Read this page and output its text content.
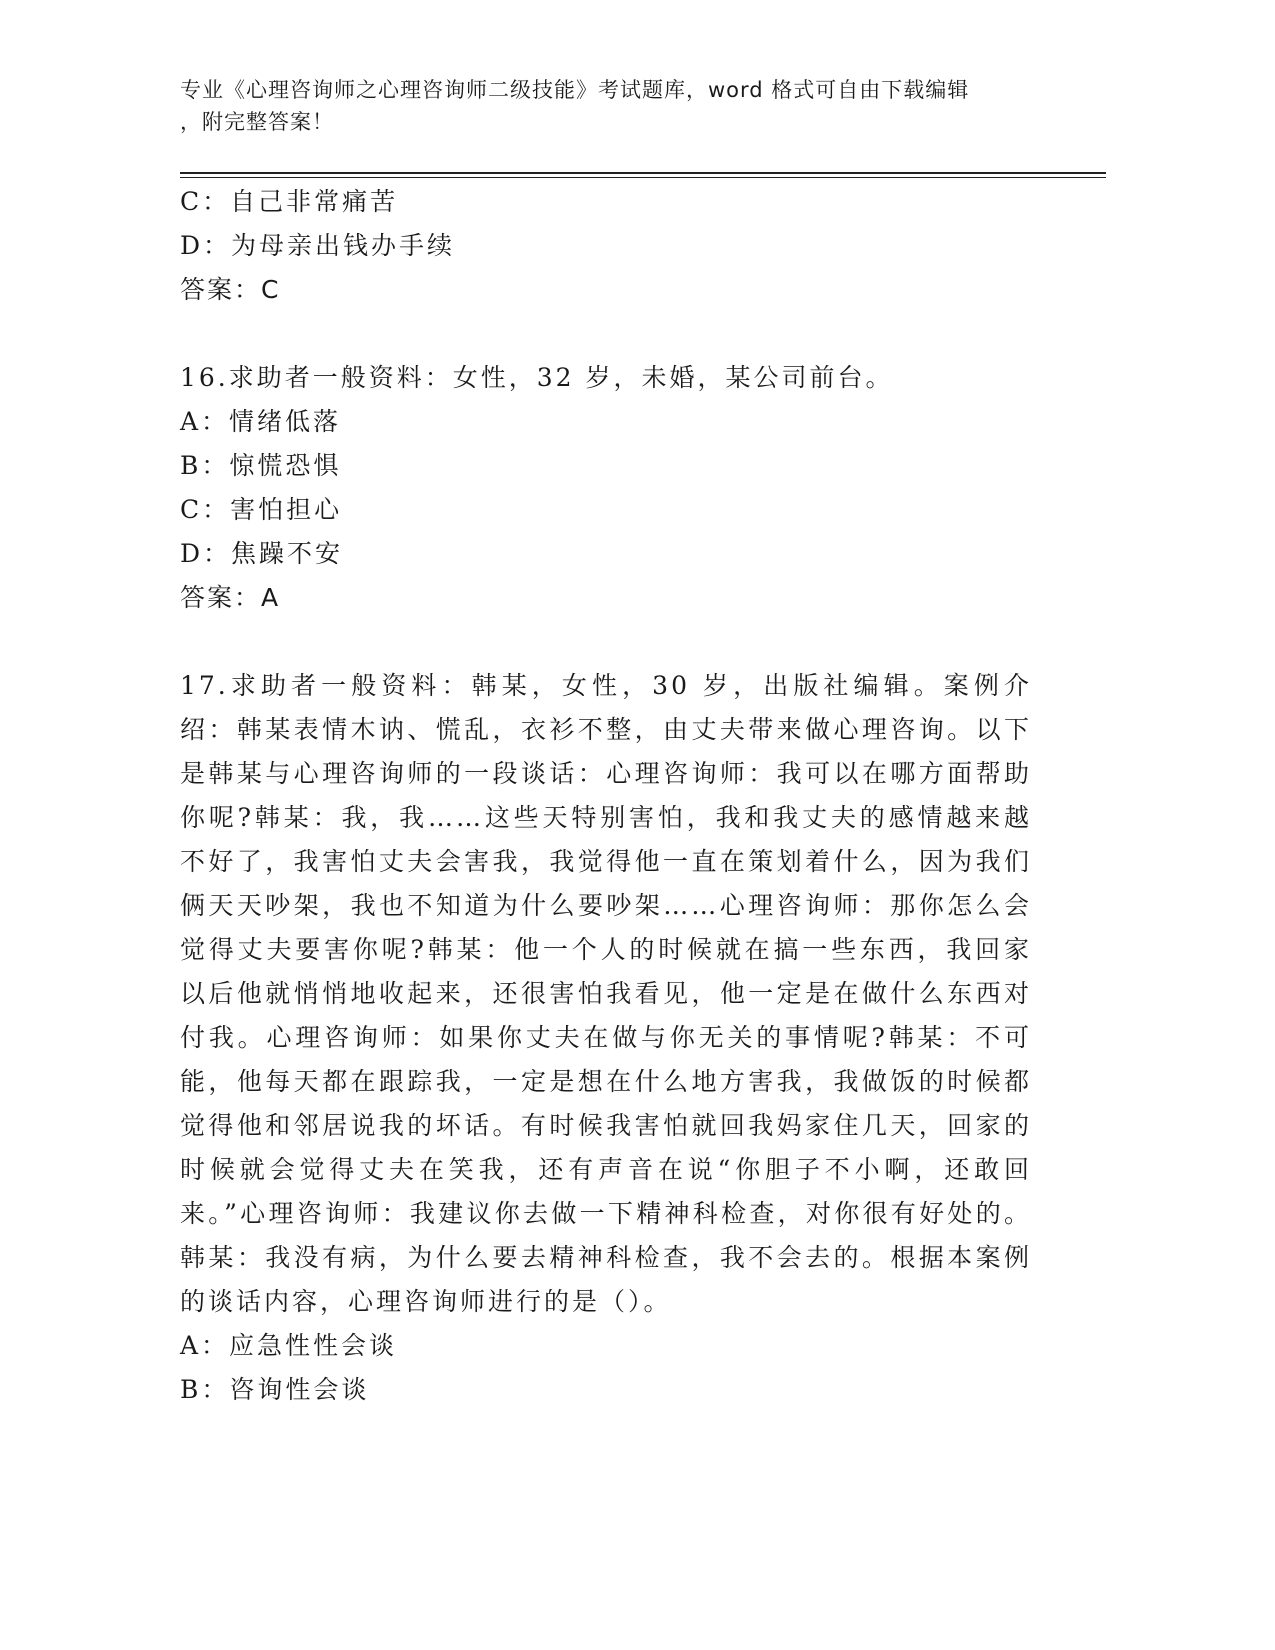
专业《心理咨询师之心理咨询师二级技能》考试题库，word 格式可自由下载编辑
，附完整答案！
C：自己非常痛苦
D：为母亲出钱办手续
答案：C
16.求助者一般资料：女性，32 岁，未婚，某公司前台。
A：情绪低落
B：惊慌恐惧
C：害怕担心
D：焦躁不安
答案：A
17.求助者一般资料：韩某，女性，30 岁，出版社编辑。案例介绍：韩某表情木讷、慌乱，衣衫不整，由丈夫带来做心理咨询。以下是韩某与心理咨询师的一段谈话：心理咨询师：我可以在哪方面帮助你呢?韩某：我，我……这些天特别害怕，我和我丈夫的感情越来越不好了，我害怕丈夫会害我，我觉得他一直在策划着什么，因为我们俩天天吵架，我也不知道为什么要吵架……心理咨询师：那你怎么会觉得丈夫要害你呢?韩某：他一个人的时候就在搞一些东西，我回家以后他就悄悄地收起来，还很害怕我看见，他一定是在做什么东西对付我。心理咨询师：如果你丈夫在做与你无关的事情呢?韩某：不可能，他每天都在跟踪我，一定是想在什么地方害我，我做饭的时候都觉得他和邻居说我的坏话。有时候我害怕就回我妈家住几天，回家的时候就会觉得丈夫在笑我，还有声音在说“你胆子不小啊，还敢回来。”心理咨询师：我建议你去做一下精神科检查，对你很有好处的。韩某：我没有病，为什么要去精神科检查，我不会去的。根据本案例的谈话内容，心理咨询师进行的是（）。
A：应急性性会谈
B：咨询性会谈
